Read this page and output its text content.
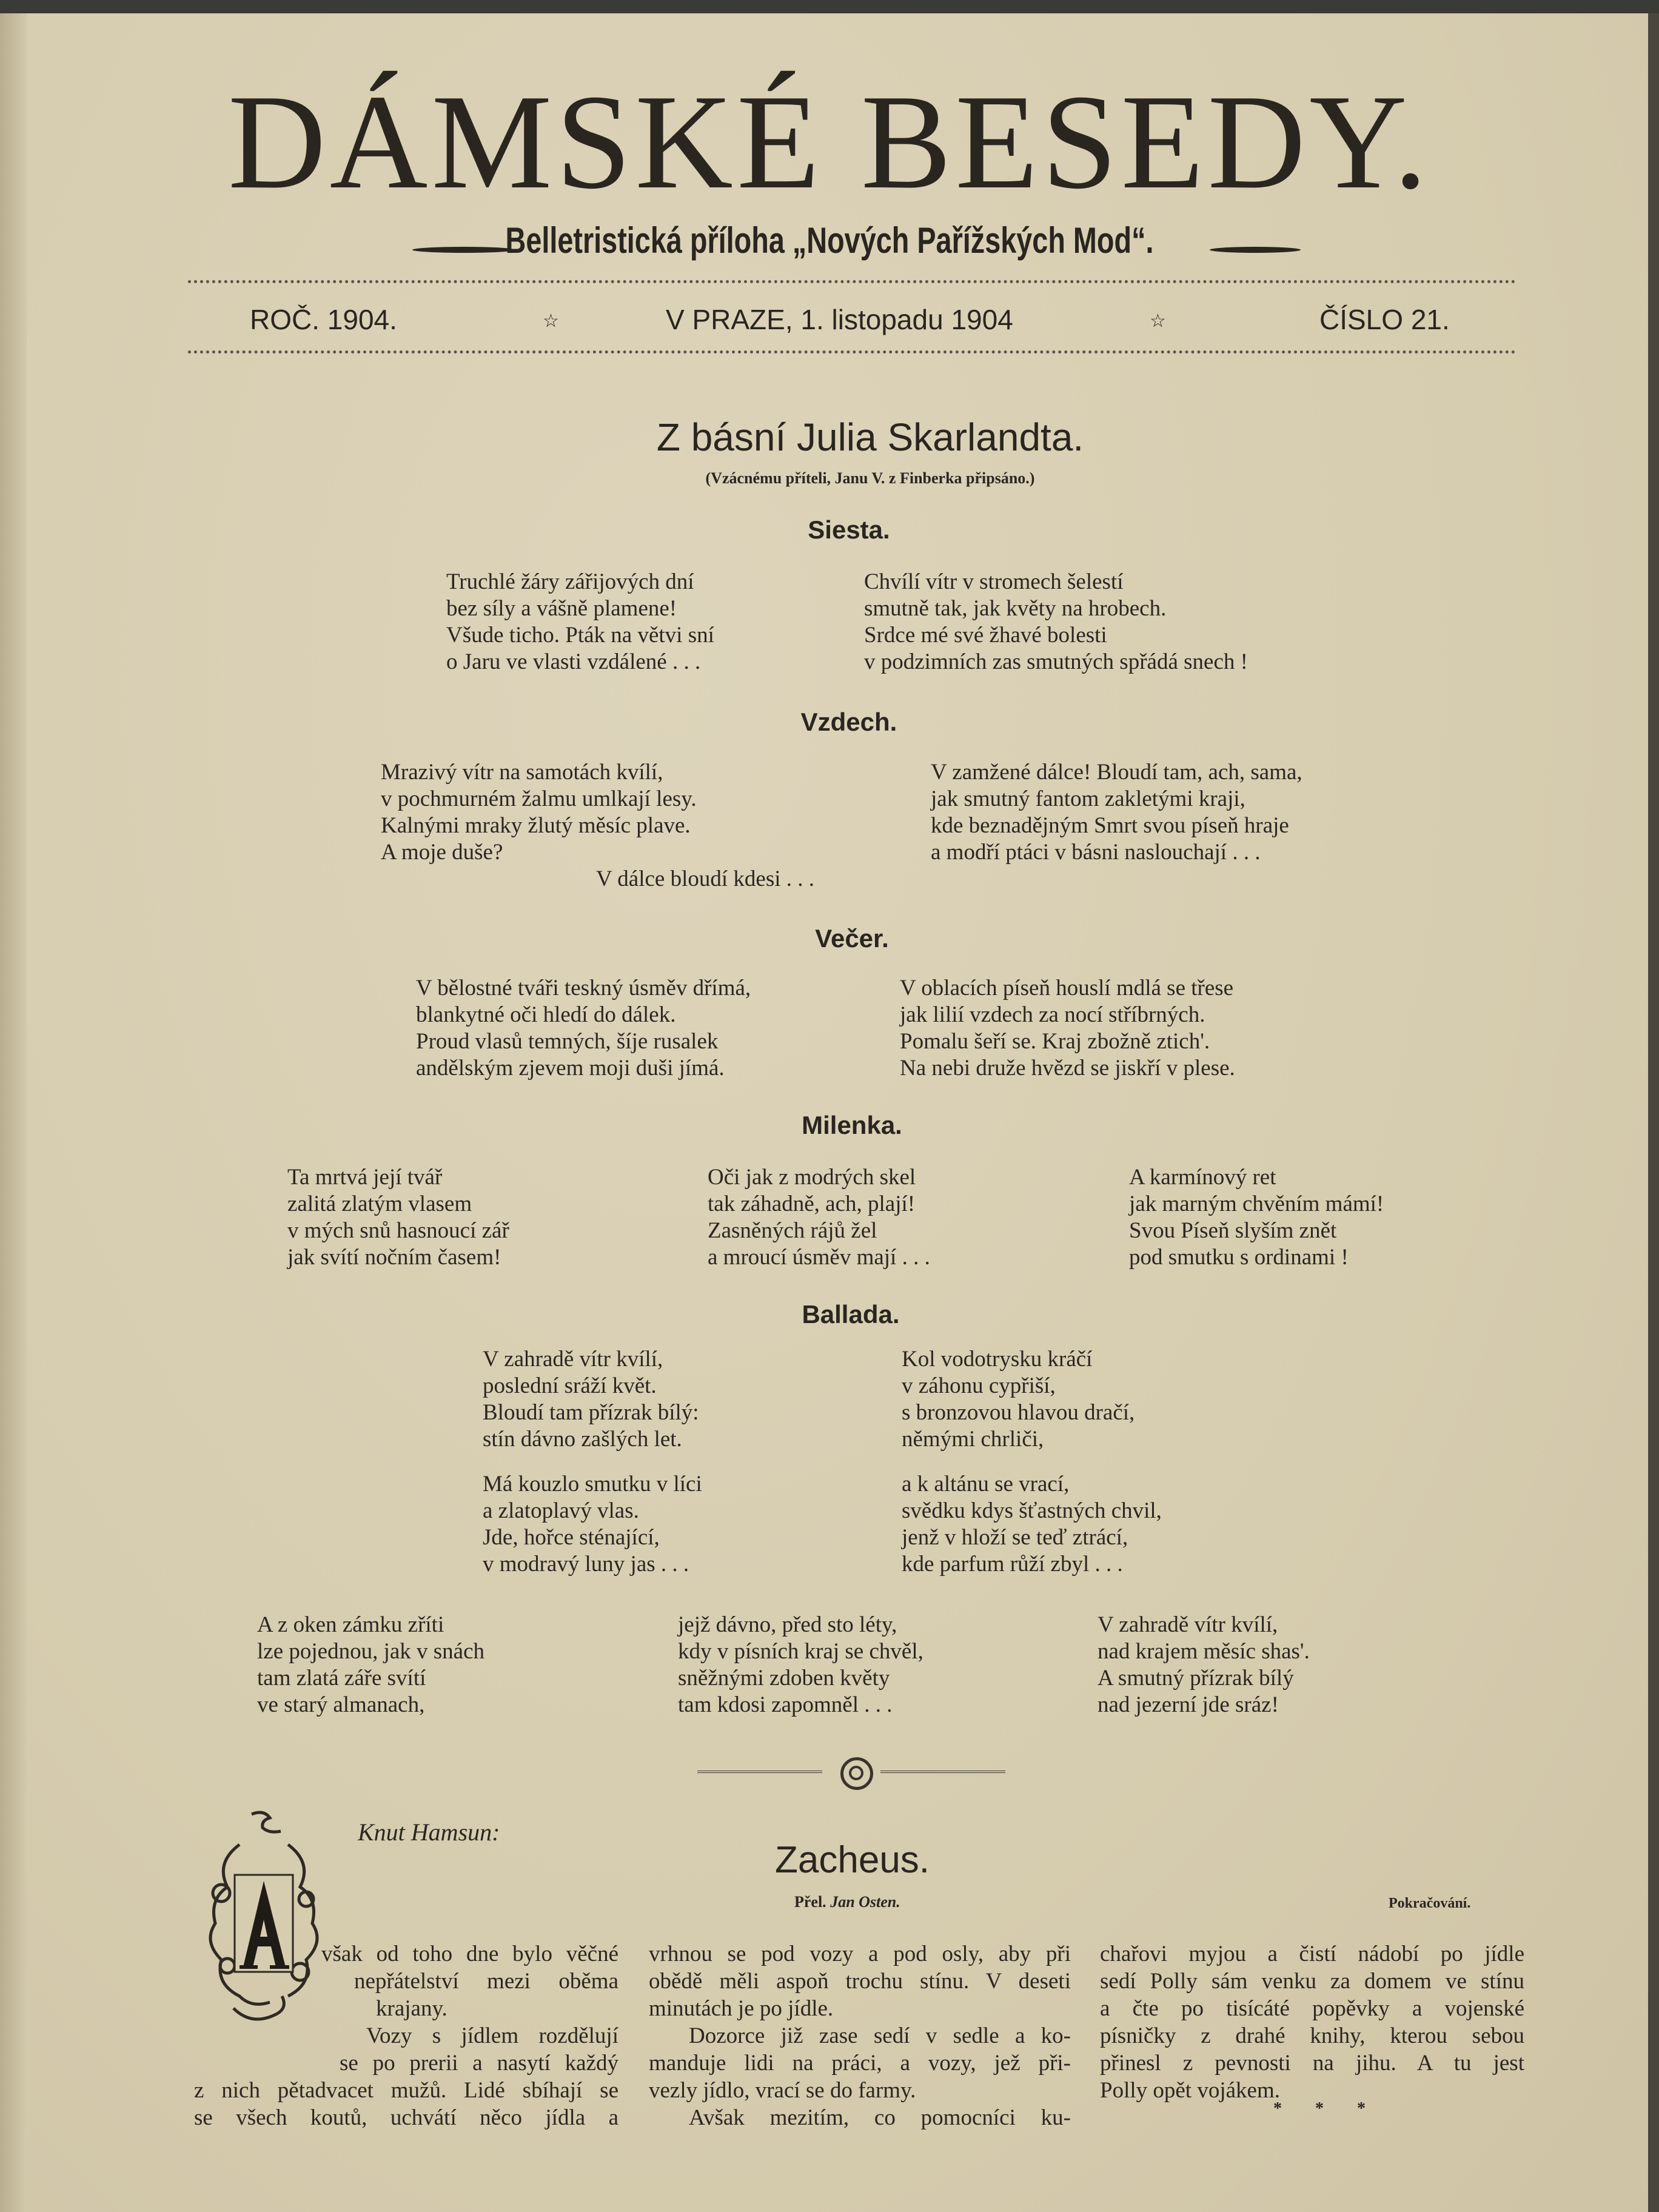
DÁMSKÉ BESEDY.
Belletristická příloha „Nových Pařížských Mod“.
ROČ. 1904.	☆	V PRAZE, 1. listopadu 1904	☆	ČÍSLO 21.
Z básní Julia Skarlandta.
(Vzácnému příteli, Janu V. z Finberka připsáno.)
Siesta.
Truchlé žáry zářijových dní
bez síly a vášně plamene!
Všude ticho. Pták na větvi sní
o Jaru ve vlasti vzdálené . . .
Chvílí vítr v stromech šelestí
smutně tak, jak květy na hrobech.
Srdce mé své žhavé bolesti
v podzimních zas smutných spřádá snech !
Vzdech.
Mrazivý vítr na samotách kvílí,
v pochmurném žalmu umlkají lesy.
Kalnými mraky žlutý měsíc plave.
A moje duše?
V dálce bloudí kdesi . . .
V zamžené dálce! Bloudí tam, ach, sama,
jak smutný fantom zakletými kraji,
kde beznadějným Smrt svou píseň hraje
a modří ptáci v básni naslouchají . . .
Večer.
V bělostné tváři teskný úsměv dřímá,
blankytné oči hledí do dálek.
Proud vlasů temných, šíje rusalek
andělským zjevem moji duši jímá.
V oblacích píseň houslí mdlá se třese
jak lilií vzdech za nocí stříbrných.
Pomalu šeří se. Kraj zbožně ztich'.
Na nebi druže hvězd se jiskří v plese.
Milenka.
Ta mrtvá její tvář
zalitá zlatým vlasem
v mých snů hasnoucí zář
jak svítí nočním časem!
Oči jak z modrých skel
tak záhadně, ach, plají!
Zasněných rájů žel
a mroucí úsměv mají . . .
A karmínový ret
jak marným chvěním mámí!
Svou Píseň slyším znět
pod smutku s ordinami !
Ballada.
V zahradě vítr kvílí,
poslední sráží květ.
Bloudí tam přízrak bílý:
stín dávno zašlých let.
Má kouzlo smutku v líci
a zlatoplavý vlas.
Jde, hořce sténající,
v modravý luny jas . . .
Kol vodotrysku kráčí
v záhonu cypřiší,
s bronzovou hlavou dračí,
němými chrliči,
a k altánu se vrací,
svědku kdys šťastných chvil,
jenž v hloží se teď ztrácí,
kde parfum růží zbyl . . .
A z oken zámku zříti
lze pojednou, jak v snách
tam zlatá záře svítí
ve starý almanach,
jejž dávno, před sto léty,
kdy v písních kraj se chvěl,
sněžnými zdoben květy
tam kdosi zapomněl . . .
V zahradě vítr kvílí,
nad krajem měsíc shas'.
A smutný přízrak bílý
nad jezerní jde sráz!
Knut Hamsun:
Zacheus.
Přel. Jan Osten.	Pokračování.
však od toho dne bylo věčné
nepřátelství mezi oběma
krajany.
Vozy s jídlem rozdělují
se po prerii a nasytí každý
z nich pětadvacet mužů. Lidé sbíhají se
se všech koutů, uchvátí něco jídla a
vrhnou se pod vozy a pod osly, aby při
obědě měli aspoň trochu stínu. V deseti
minutách je po jídle.
Dozorce již zase sedí v sedle a ko-
manduje lidi na práci, a vozy, jež při-
vezly jídlo, vrací se do farmy.
Avšak mezitím, co pomocníci ku-
chařovi myjou a čistí nádobí po jídle
sedí Polly sám venku za domem ve stínu
a čte po tisícáté popěvky a vojenské
písničky z drahé knihy, kterou sebou
přinesl z pevnosti na jihu. A tu jest
Polly opět vojákem.
* * *
